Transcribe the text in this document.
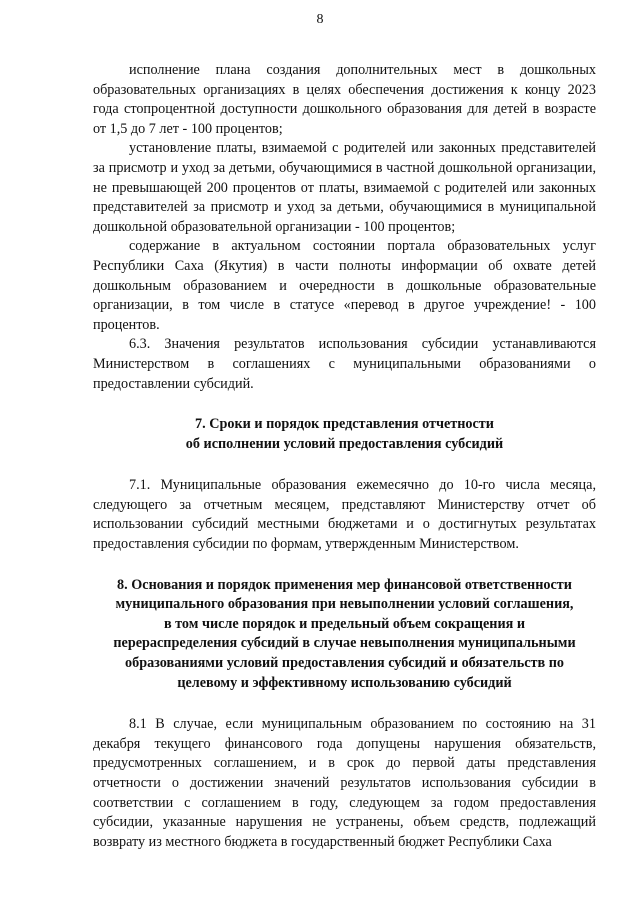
8

исполнение плана создания дополнительных мест в дошкольных образовательных организациях в целях обеспечения достижения к концу 2023 года стопроцентной доступности дошкольного образования для детей в возрасте от 1,5 до 7 лет - 100 процентов;

установление платы, взимаемой с родителей или законных представителей за присмотр и уход за детьми, обучающимися в частной дошкольной организации, не превышающей 200 процентов от платы, взимаемой с родителей или законных представителей за присмотр и уход за детьми, обучающимися в муниципальной дошкольной образовательной организации - 100 процентов;

содержание в актуальном состоянии портала образовательных услуг Республики Саха (Якутия) в части полноты информации об охвате детей дошкольным образованием и очередности в дошкольные образовательные организации, в том числе в статусе «перевод в другое учреждение! - 100 процентов.

6.3. Значения результатов использования субсидии устанавливаются Министерством в соглашениях с муниципальными образованиями о предоставлении субсидий.

7. Сроки и порядок представления отчетности
об исполнении условий предоставления субсидий

7.1. Муниципальные образования ежемесячно до 10-го числа месяца, следующего за отчетным месяцем, представляют Министерству отчет об использовании субсидий местными бюджетами и о достигнутых результатах предоставления субсидии по формам, утвержденным Министерством.

8. Основания и порядок применения мер финансовой ответственности
муниципального образования при невыполнении условий соглашения,
в том числе порядок и предельный объем сокращения и
перераспределения субсидий в случае невыполнения муниципальными
образованиями условий предоставления субсидий и обязательств по
целевому и эффективному использованию субсидий

8.1 В случае, если муниципальным образованием по состоянию на 31 декабря текущего финансового года допущены нарушения обязательств, предусмотренных соглашением, и в срок до первой даты представления отчетности о достижении значений результатов использования субсидии в соответствии с соглашением в году, следующем за годом предоставления субсидии, указанные нарушения не устранены, объем средств, подлежащий возврату из местного бюджета в государственный бюджет Республики Саха
